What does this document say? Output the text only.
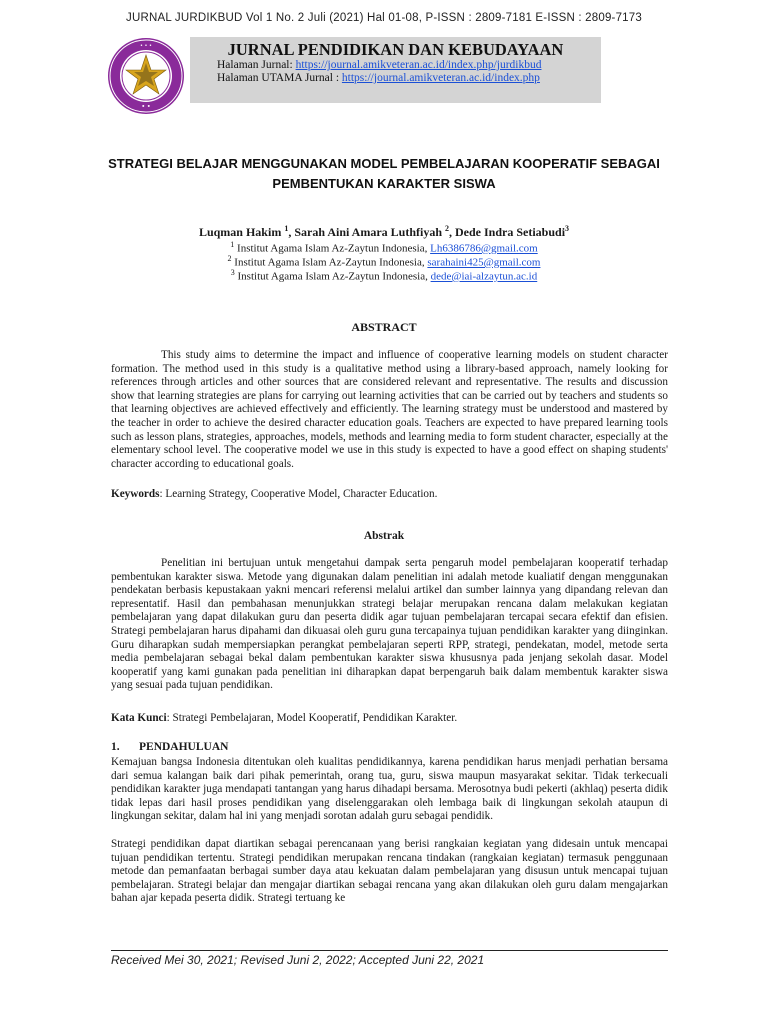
JURNAL JURDIKBUD Vol 1 No. 2 Juli (2021) Hal 01-08, P-ISSN : 2809-7181 E-ISSN : 2809-7173
• • •
• •
JURNAL PENDIDIKAN DAN KEBUDAYAAN
Halaman Jurnal: https://journal.amikveteran.ac.id/index.php/jurdikbud
Halaman UTAMA Jurnal : https://journal.amikveteran.ac.id/index.php
STRATEGI BELAJAR MENGGUNAKAN MODEL PEMBELAJARAN KOOPERATIF SEBAGAI
PEMBENTUKAN KARAKTER SISWA
Luqman Hakim $^1$, Sarah Aini Amara Luthfiyah $^2$, Dede Indra Setiabudi$^3$
$^1$ Institut Agama Islam Az-Zaytun Indonesia, Lh6386786@gmail.com
$^2$ Institut Agama Islam Az-Zaytun Indonesia, sarahaini425@gmail.com
$^3$ Institut Agama Islam Az-Zaytun Indonesia, dede@iai-alzaytun.ac.id
ABSTRACT

This study aims to determine the impact and influence of cooperative learning models on student character formation. The method used in this study is a qualitative method using a library-based approach, namely looking for references through articles and other sources that are considered relevant and representative. The results and discussion show that learning strategies are plans for carrying out learning activities that can be carried out by teachers and students so that learning objectives are achieved effectively and efficiently. The learning strategy must be understood and mastered by the teacher in order to achieve the desired character education goals. Teachers are expected to have prepared learning tools such as lesson plans, strategies, approaches, models, methods and learning media to form student character, especially at the elementary school level. The cooperative model we use in this study is expected to have a good effect on shaping students' character according to educational goals.

Keywords: Learning Strategy, Cooperative Model, Character Education.
Abstrak

Penelitian ini bertujuan untuk mengetahui dampak serta pengaruh model pembelajaran kooperatif terhadap pembentukan karakter siswa. Metode yang digunakan dalam penelitian ini adalah metode kualiatif dengan menggunakan pendekatan berbasis kepustakaan yakni mencari referensi melalui artikel dan sumber lainnya yang dipandang relevan dan representatif. Hasil dan pembahasan menunjukkan strategi belajar merupakan rencana dalam melakukan kegiatan pembelajaran yang dapat dilakukan guru dan peserta didik agar tujuan pembelajaran tercapai secara efektif dan efisien. Strategi pembelajaran harus dipahami dan dikuasai oleh guru guna tercapainya tujuan pendidikan karakter yang diinginkan. Guru diharapkan sudah mempersiapkan perangkat pembelajaran seperti RPP, strategi, pendekatan, model, metode serta media pembelajaran sebagai bekal dalam pembentukan karakter siswa khususnya pada jenjang sekolah dasar. Model kooperatif yang kami gunakan pada penelitian ini diharapkan dapat berpengaruh baik dalam membentuk karakter siswa yang sesuai pada tujuan pendidikan.

Kata Kunci: Strategi Pembelajaran, Model Kooperatif, Pendidikan Karakter.
1. PENDAHULUAN

Kemajuan bangsa Indonesia ditentukan oleh kualitas pendidikannya, karena pendidikan harus menjadi perhatian bersama dari semua kalangan baik dari pihak pemerintah, orang tua, guru, siswa maupun masyarakat sekitar. Tidak terkecuali pendidikan karakter juga mendapati tantangan yang harus dihadapi bersama. Merosotnya budi pekerti (akhlaq) peserta didik tidak lepas dari hasil proses pendidikan yang diselenggarakan oleh lembaga baik di lingkungan sekolah ataupun di lingkungan sekitar, dalam hal ini yang menjadi sorotan adalah guru sebagai pendidik.

Strategi pendidikan dapat diartikan sebagai perencanaan yang berisi rangkaian kegiatan yang didesain untuk mencapai tujuan pendidikan tertentu. Strategi pendidikan merupakan rencana tindakan (rangkaian kegiatan) termasuk penggunaan metode dan pemanfaatan berbagai sumber daya atau kekuatan dalam pembelajaran yang disusun untuk mencapai tujuan pembelajaran. Strategi belajar dan mengajar diartikan sebagai rencana yang akan dilakukan oleh guru dalam mengajarkan bahan ajar kepada peserta didik. Strategi tertuang ke

Received Mei 30, 2021; Revised Juni 2, 2022; Accepted Juni 22, 2021
